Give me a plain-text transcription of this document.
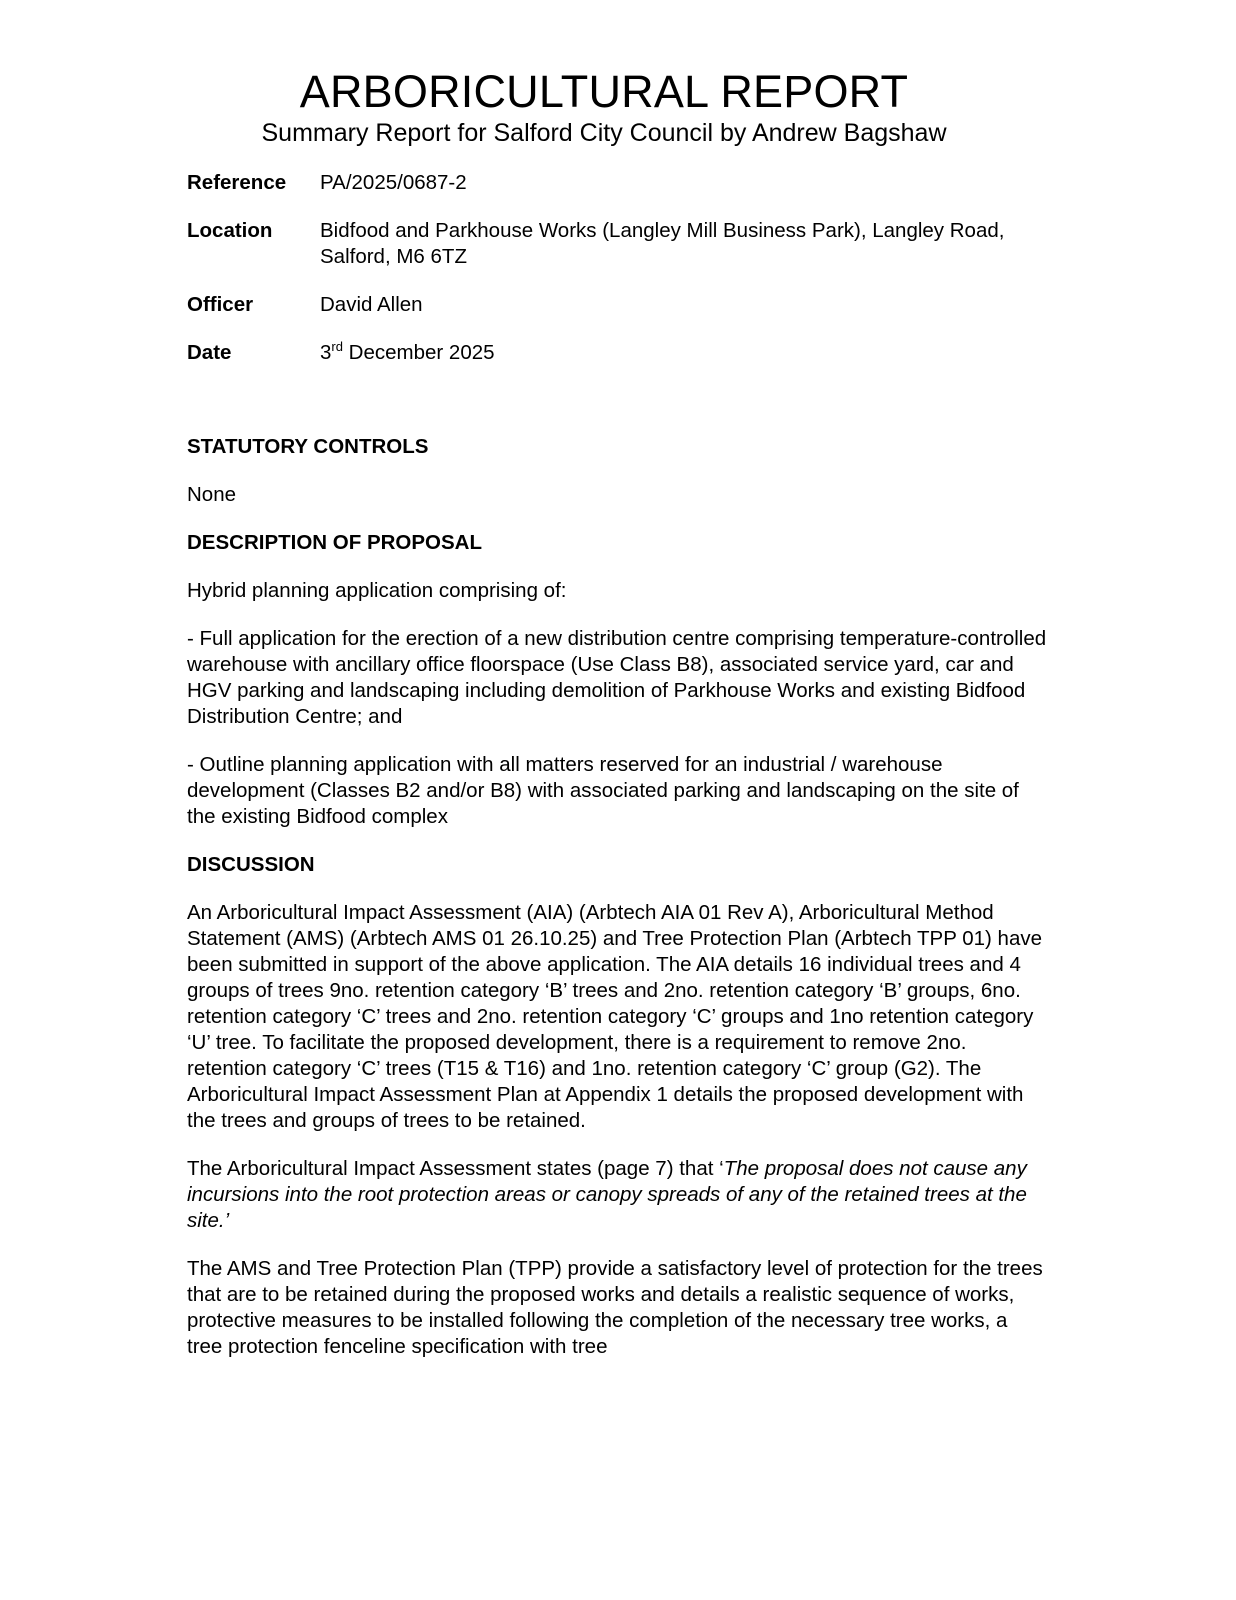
ARBORICULTURAL REPORT
Summary Report for Salford City Council by Andrew Bagshaw
Reference	PA/2025/0687-2
Location	Bidfood and Parkhouse Works (Langley Mill Business Park), Langley Road, Salford, M6 6TZ
Officer	David Allen
Date	3rd December 2025
STATUTORY CONTROLS

None

DESCRIPTION OF PROPOSAL

Hybrid planning application comprising of:

- Full application for the erection of a new distribution centre comprising temperature-controlled warehouse with ancillary office floorspace (Use Class B8), associated service yard, car and HGV parking and landscaping including demolition of Parkhouse Works and existing Bidfood Distribution Centre; and

- Outline planning application with all matters reserved for an industrial / warehouse development (Classes B2 and/or B8) with associated parking and landscaping on the site of the existing Bidfood complex

DISCUSSION

An Arboricultural Impact Assessment (AIA) (Arbtech AIA 01 Rev A), Arboricultural Method Statement (AMS) (Arbtech AMS 01 26.10.25) and Tree Protection Plan (Arbtech TPP 01) have been submitted in support of the above application. The AIA details 16 individual trees and 4 groups of trees 9no. retention category ‘B’ trees and 2no. retention category ‘B’ groups, 6no. retention category ‘C’ trees and 2no. retention category ‘C’ groups and 1no retention category ‘U’ tree. To facilitate the proposed development, there is a requirement to remove 2no. retention category ‘C’ trees (T15 & T16) and 1no. retention category ‘C’ group (G2). The Arboricultural Impact Assessment Plan at Appendix 1 details the proposed development with the trees and groups of trees to be retained.

The Arboricultural Impact Assessment states (page 7) that ‘The proposal does not cause any incursions into the root protection areas or canopy spreads of any of the retained trees at the site.’

The AMS and Tree Protection Plan (TPP) provide a satisfactory level of protection for the trees that are to be retained during the proposed works and details a realistic sequence of works, protective measures to be installed following the completion of the necessary tree works, a tree protection fenceline specification with tree
